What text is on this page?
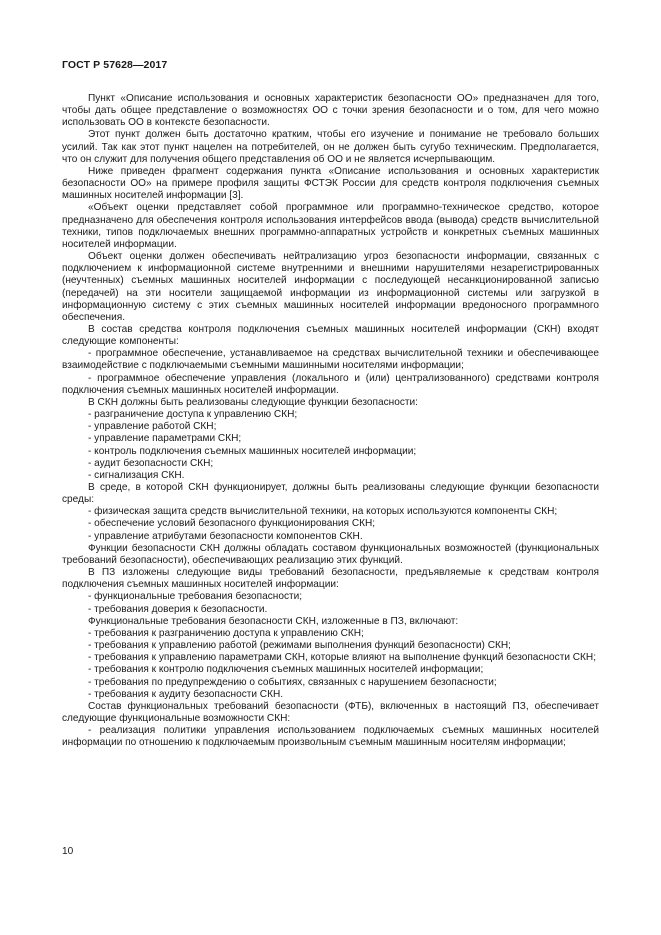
ГОСТ Р 57628—2017

Пункт «Описание использования и основных характеристик безопасности ОО» предназначен для того, чтобы дать общее представление о возможностях ОО с точки зрения безопасности и о том, для чего можно использовать ОО в контексте безопасности.

Этот пункт должен быть достаточно кратким, чтобы его изучение и понимание не требовало больших усилий. Так как этот пункт нацелен на потребителей, он не должен быть сугубо техническим. Предполагается, что он служит для получения общего представления об ОО и не является исчерпывающим.

Ниже приведен фрагмент содержания пункта «Описание использования и основных характеристик безопасности ОО» на примере профиля защиты ФСТЭК России для средств контроля подключения съемных машинных носителей информации [3].

«Объект оценки представляет собой программное или программно-техническое средство, которое предназначено для обеспечения контроля использования интерфейсов ввода (вывода) средств вычислительной техники, типов подключаемых внешних программно-аппаратных устройств и конкретных съемных машинных носителей информации.

Объект оценки должен обеспечивать нейтрализацию угроз безопасности информации, связанных с подключением к информационной системе внутренними и внешними нарушителями незарегистрированных (неучтенных) съемных машинных носителей информации с последующей несанкционированной записью (передачей) на эти носители защищаемой информации из информационной системы или загрузкой в информационную систему с этих съемных машинных носителей информации вредоносного программного обеспечения.

В состав средства контроля подключения съемных машинных носителей информации (СКН) входят следующие компоненты:

- программное обеспечение, устанавливаемое на средствах вычислительной техники и обеспечивающее взаимодействие с подключаемыми съемными машинными носителями информации;

- программное обеспечение управления (локального и (или) централизованного) средствами контроля подключения съемных машинных носителей информации.

В СКН должны быть реализованы следующие функции безопасности:

- разграничение доступа к управлению СКН;

- управление работой СКН;

- управление параметрами СКН;

- контроль подключения съемных машинных носителей информации;

- аудит безопасности СКН;

- сигнализация СКН.

В среде, в которой СКН функционирует, должны быть реализованы следующие функции безопасности среды:

- физическая защита средств вычислительной техники, на которых используются компоненты СКН;

- обеспечение условий безопасного функционирования СКН;

- управление атрибутами безопасности компонентов СКН.

Функции безопасности СКН должны обладать составом функциональных возможностей (функциональных требований безопасности), обеспечивающих реализацию этих функций.

В ПЗ изложены следующие виды требований безопасности, предъявляемые к средствам контроля подключения съемных машинных носителей информации:

- функциональные требования безопасности;

- требования доверия к безопасности.

Функциональные требования безопасности СКН, изложенные в ПЗ, включают:

- требования к разграничению доступа к управлению СКН;

- требования к управлению работой (режимами выполнения функций безопасности) СКН;

- требования к управлению параметрами СКН, которые влияют на выполнение функций безопасности СКН;

- требования к контролю подключения съемных машинных носителей информации;

- требования по предупреждению о событиях, связанных с нарушением безопасности;

- требования к аудиту безопасности СКН.

Состав функциональных требований безопасности (ФТБ), включенных в настоящий ПЗ, обеспечивает следующие функциональные возможности СКН:

- реализация политики управления использованием подключаемых съемных машинных носителей информации по отношению к подключаемым произвольным съемным машинным носителям информации;

10
